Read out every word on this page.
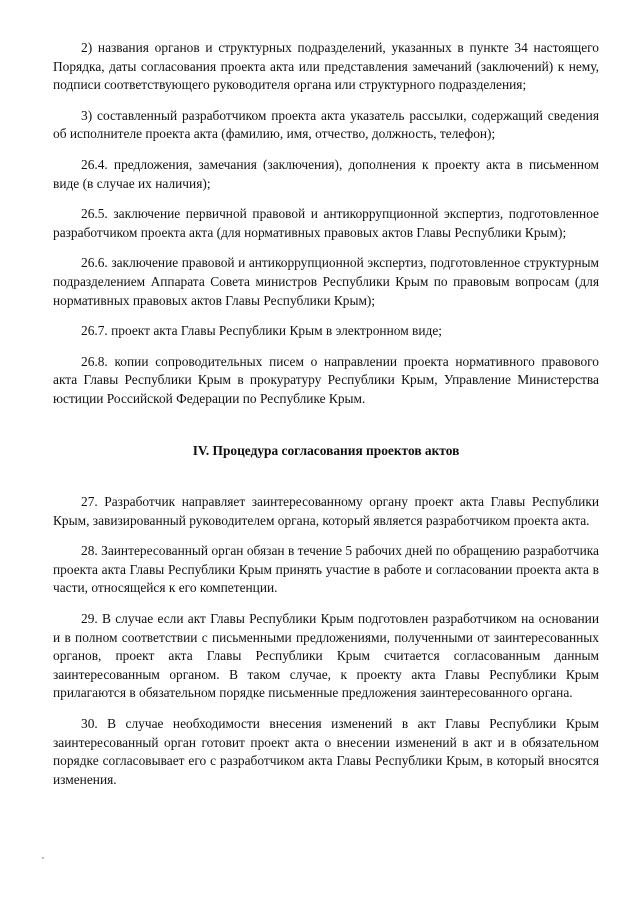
2) названия органов и структурных подразделений, указанных в пункте 34 настоящего Порядка, даты согласования проекта акта или представления замечаний (заключений) к нему, подписи соответствующего руководителя органа или структурного подразделения;

3) составленный разработчиком проекта акта указатель рассылки, содержащий сведения об исполнителе проекта акта (фамилию, имя, отчество, должность, телефон);

26.4. предложения, замечания (заключения), дополнения к проекту акта в письменном виде (в случае их наличия);

26.5. заключение первичной правовой и антикоррупционной экспертиз, подготовленное разработчиком проекта акта (для нормативных правовых актов Главы Республики Крым);

26.6. заключение правовой и антикоррупционной экспертиз, подготовленное структурным подразделением Аппарата Совета министров Республики Крым по правовым вопросам (для нормативных правовых актов Главы Республики Крым);

26.7. проект акта Главы Республики Крым в электронном виде;

26.8. копии сопроводительных писем о направлении проекта нормативного правового акта Главы Республики Крым в прокуратуру Республики Крым, Управление Министерства юстиции Российской Федерации по Республике Крым.

IV. Процедура согласования проектов актов

27. Разработчик направляет заинтересованному органу проект акта Главы Республики Крым, завизированный руководителем органа, который является разработчиком проекта акта.

28. Заинтересованный орган обязан в течение 5 рабочих дней по обращению разработчика проекта акта Главы Республики Крым принять участие в работе и согласовании проекта акта в части, относящейся к его компетенции.

29. В случае если акт Главы Республики Крым подготовлен разработчиком на основании и в полном соответствии с письменными предложениями, полученными от заинтересованных органов, проект акта Главы Республики Крым считается согласованным данным заинтересованным органом. В таком случае, к проекту акта Главы Республики Крым прилагаются в обязательном порядке письменные предложения заинтересованного органа.

30. В случае необходимости внесения изменений в акт Главы Республики Крым заинтересованный орган готовит проект акта о внесении изменений в акт и в обязательном порядке согласовывает его с разработчиком акта Главы Республики Крым, в который вносятся изменения.
